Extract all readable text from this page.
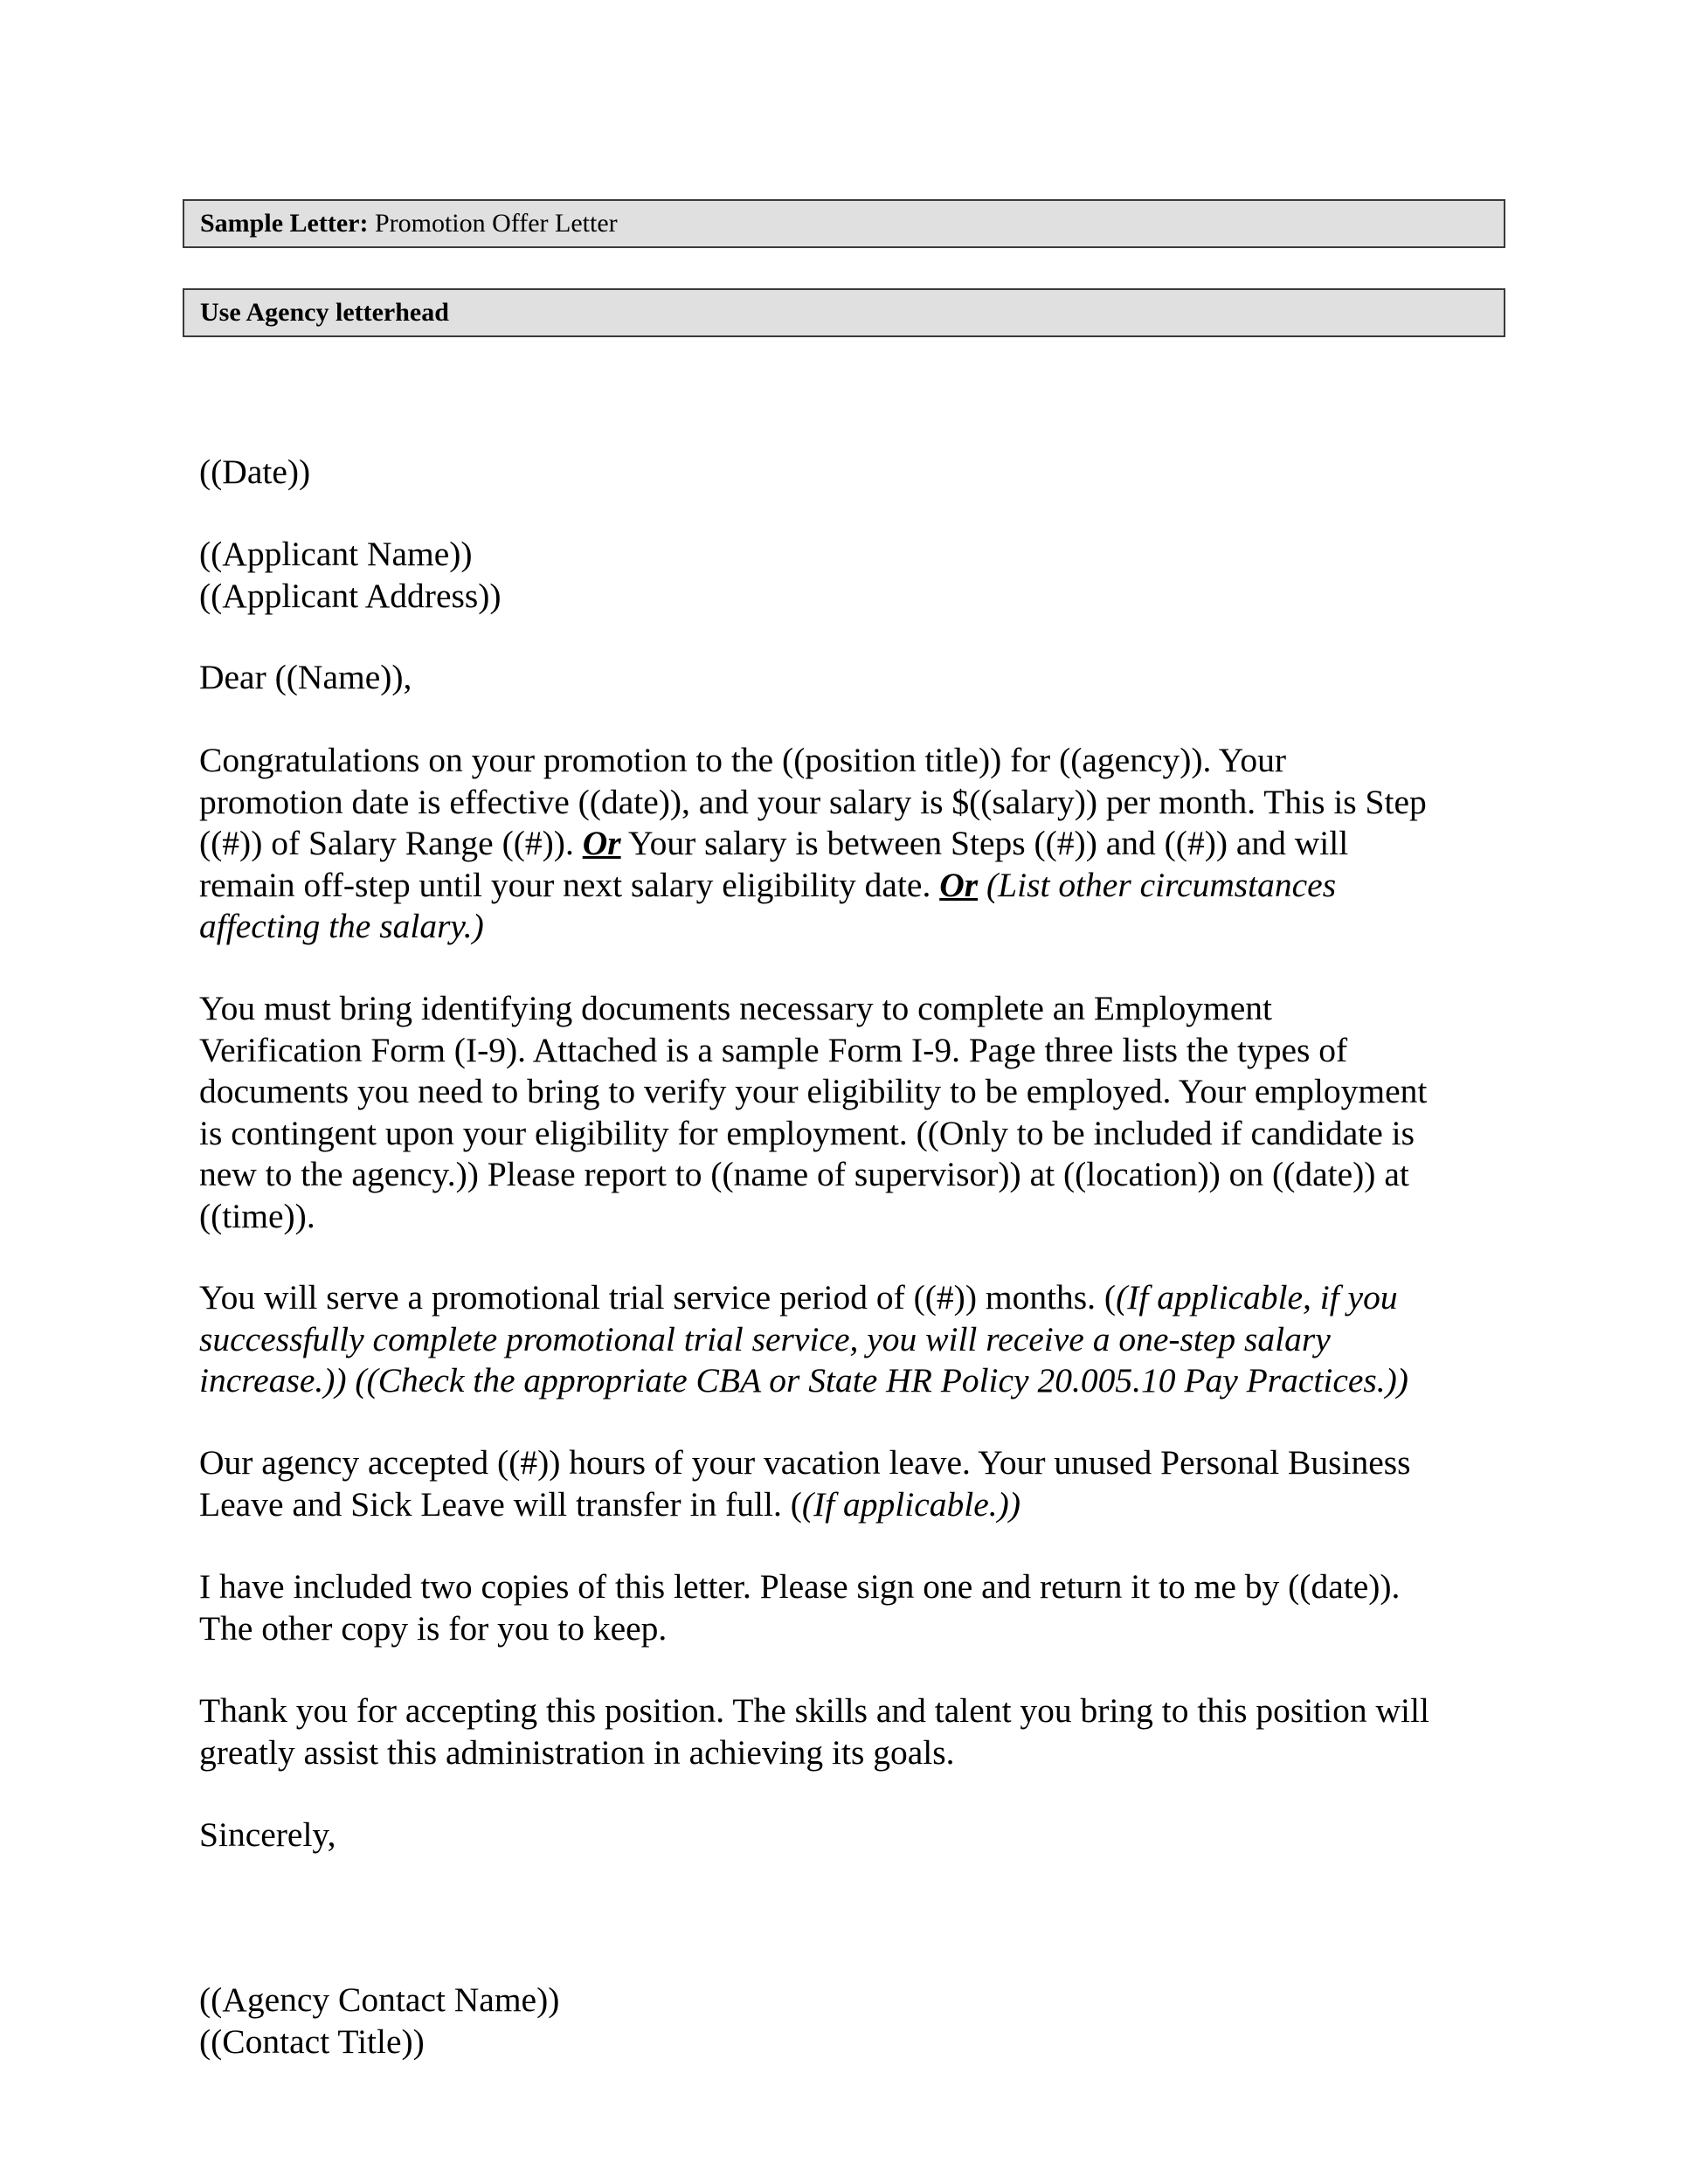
Sample Letter: Promotion Offer Letter
Use Agency letterhead
((Date))
((Applicant Name))
((Applicant Address))
Dear ((Name)),
Congratulations on your promotion to the ((position title)) for ((agency)). Your
promotion date is effective ((date)), and your salary is $((salary)) per month. This is Step
((#)) of Salary Range ((#)). Or Your salary is between Steps ((#)) and ((#)) and will
remain off-step until your next salary eligibility date. Or (List other circumstances
affecting the salary.)
You must bring identifying documents necessary to complete an Employment
Verification Form (I-9). Attached is a sample Form I-9. Page three lists the types of
documents you need to bring to verify your eligibility to be employed. Your employment
is contingent upon your eligibility for employment. ((Only to be included if candidate is
new to the agency.)) Please report to ((name of supervisor)) at ((location)) on ((date)) at
((time)).
You will serve a promotional trial service period of ((#)) months. ((If applicable, if you
successfully complete promotional trial service, you will receive a one-step salary
increase.)) ((Check the appropriate CBA or State HR Policy 20.005.10 Pay Practices.))
Our agency accepted ((#)) hours of your vacation leave. Your unused Personal Business
Leave and Sick Leave will transfer in full. ((If applicable.))
I have included two copies of this letter. Please sign one and return it to me by ((date)).
The other copy is for you to keep.
Thank you for accepting this position. The skills and talent you bring to this position will
greatly assist this administration in achieving its goals.
Sincerely,
((Agency Contact Name))
((Contact Title))
